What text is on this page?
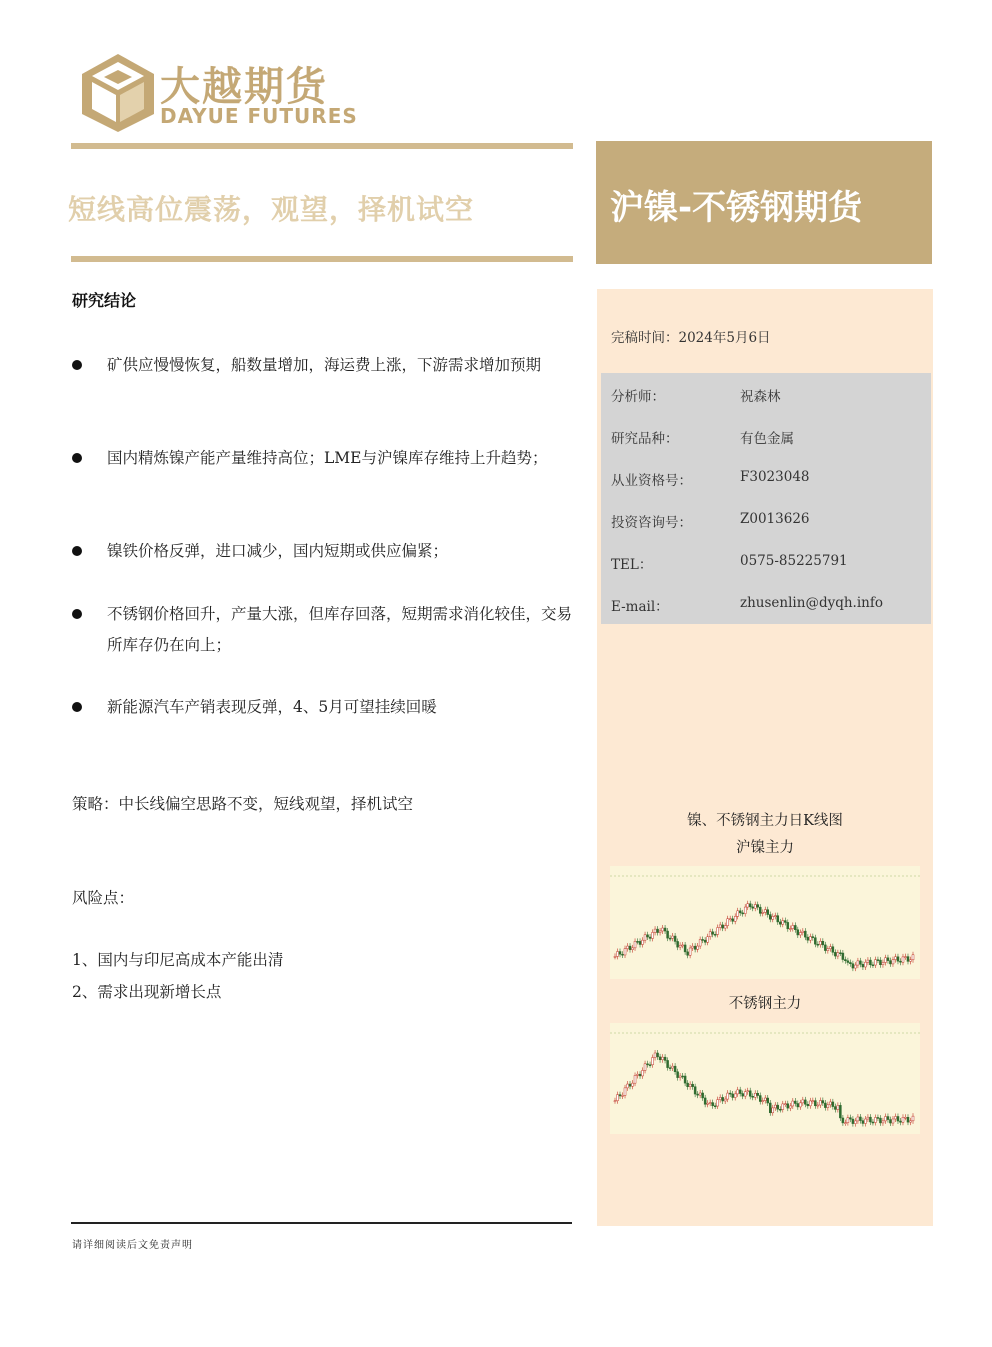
大越期货
DAYUE FUTURES
短线高位震荡，观望，择机试空	沪镍-不锈钢期货
研究结论
矿供应慢慢恢复，船数量增加，海运费上涨，下游需求增加预期
国内精炼镍产能产量维持高位；LME与沪镍库存维持上升趋势；
镍铁价格反弹，进口减少，国内短期或供应偏紧；
不锈钢价格回升，产量大涨，但库存回落，短期需求消化较佳，交易所库存仍在向上；
新能源汽车产销表现反弹，4、5月可望挂续回暖
策略：中长线偏空思路不变，短线观望，择机试空
风险点：
1、国内与印尼高成本产能出清
2、需求出现新增长点
完稿时间：2024年5月6日
分析师：	祝森林
研究品种：	有色金属
从业资格号：	F3023048
投资咨询号：	Z0013626
TEL：	0575-85225791
E-mail：	zhusenlin@dyqh.info
镍、不锈钢主力日K线图
沪镍主力
不锈钢主力
请详细阅读后文免责声明
